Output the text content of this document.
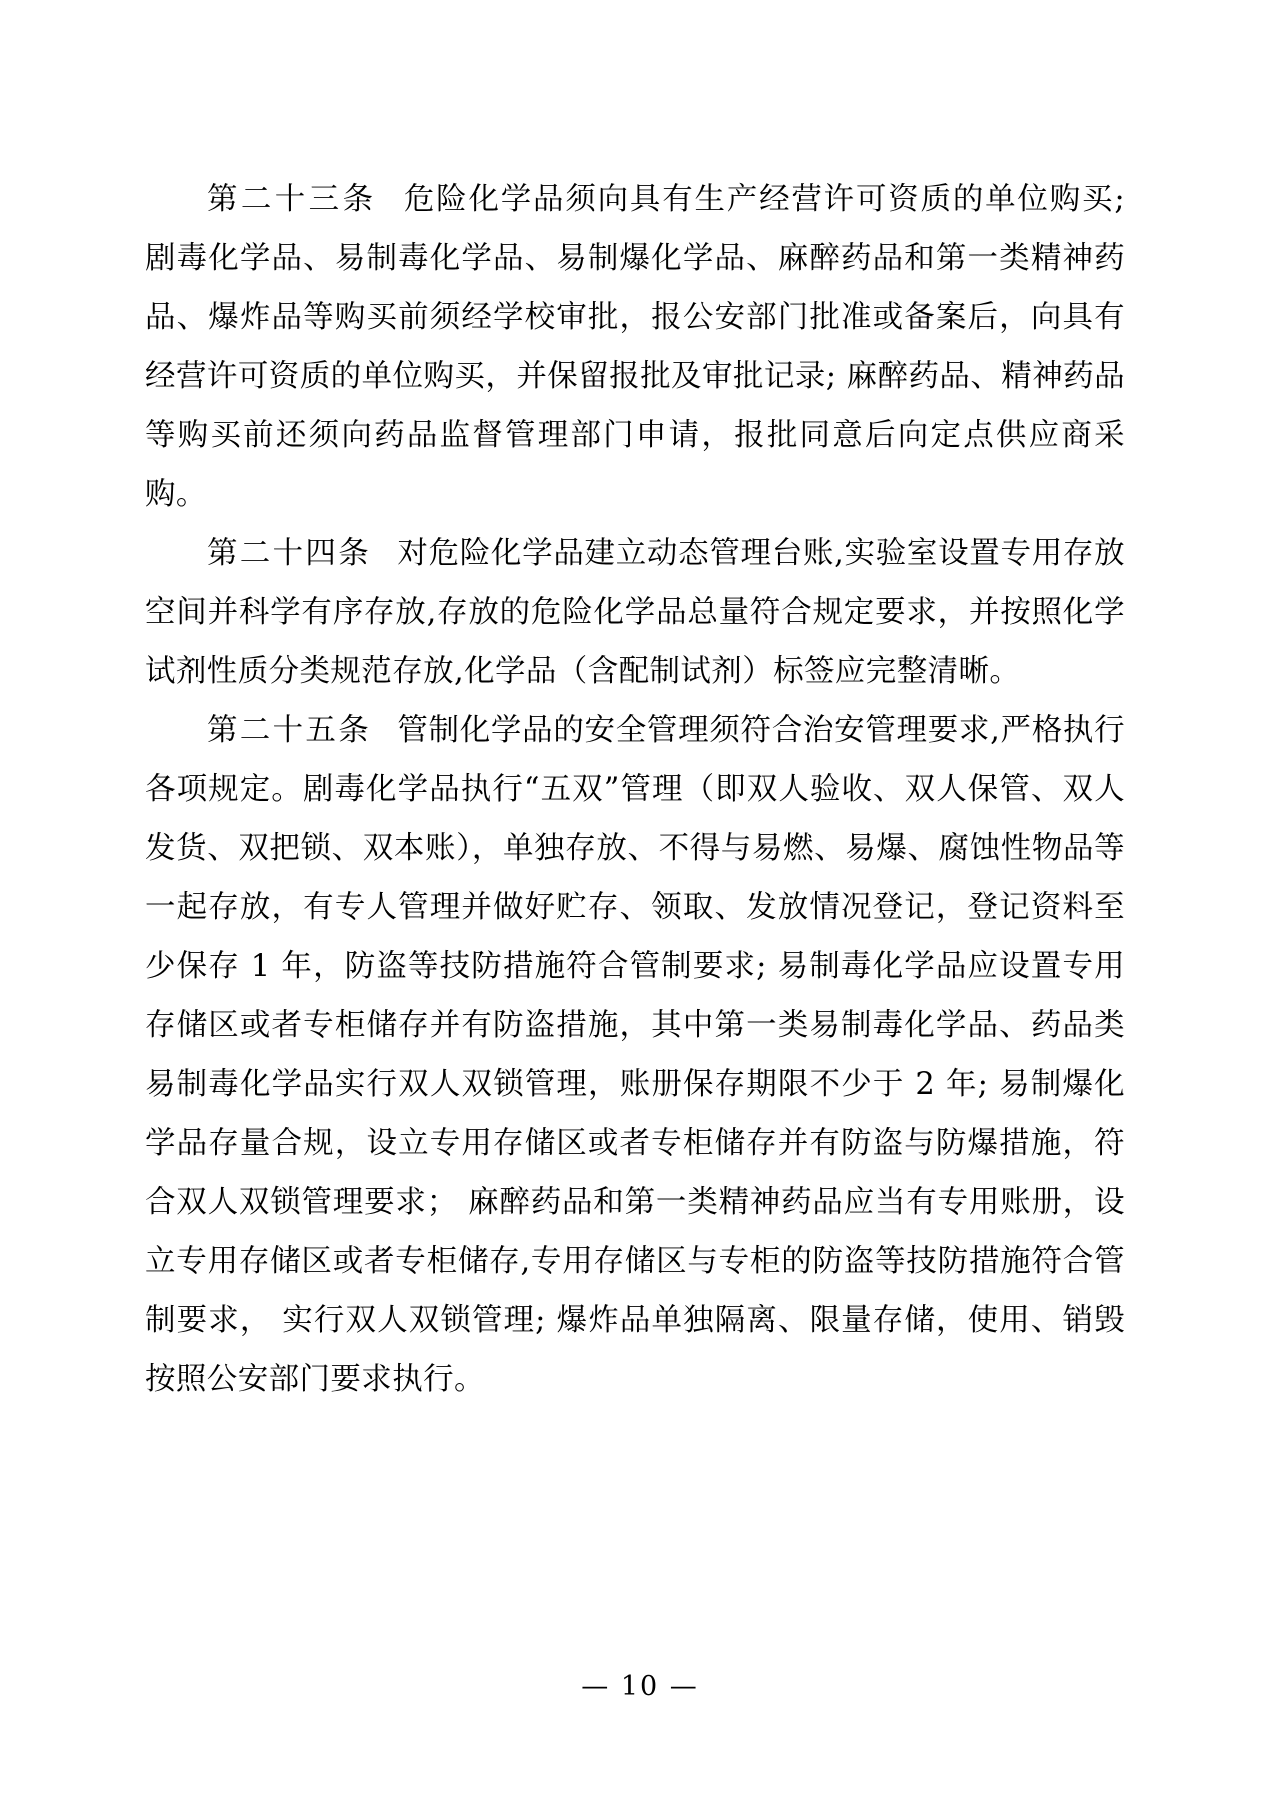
第二十三条 危险化学品须向具有生产经营许可资质的单位购买; 剧毒化学品、易制毒化学品、易制爆化学品、麻醉药品和第一类精神药品、爆炸品等购买前须经学校审批，报公安部门批准或备案后，向具有经营许可资质的单位购买，并保留报批及审批记录; 麻醉药品、精神药品等购买前还须向药品监督管理部门申请，报批同意后向定点供应商采购。

第二十四条 对危险化学品建立动态管理台账,实验室设置专用存放空间并科学有序存放,存放的危险化学品总量符合规定要求，并按照化学试剂性质分类规范存放,化学品（含配制试剂）标签应完整清晰。

第二十五条 管制化学品的安全管理须符合治安管理要求,严格执行各项规定。剧毒化学品执行“五双”管理（即双人验收、双人保管、双人发货、双把锁、双本账），单独存放、不得与易燃、易爆、腐蚀性物品等一起存放，有专人管理并做好贮存、领取、发放情况登记，登记资料至少保存 1 年，防盗等技防措施符合管制要求; 易制毒化学品应设置专用存储区或者专柜储存并有防盗措施，其中第一类易制毒化学品、药品类易制毒化学品实行双人双锁管理，账册保存期限不少于 2 年; 易制爆化学品存量合规，设立专用存储区或者专柜储存并有防盗与防爆措施，符合双人双锁管理要求； 麻醉药品和第一类精神药品应当有专用账册，设立专用存储区或者专柜储存,专用存储区与专柜的防盗等技防措施符合管制要求， 实行双人双锁管理; 爆炸品单独隔离、限量存储，使用、销毁按照公安部门要求执行。

— 10 —
